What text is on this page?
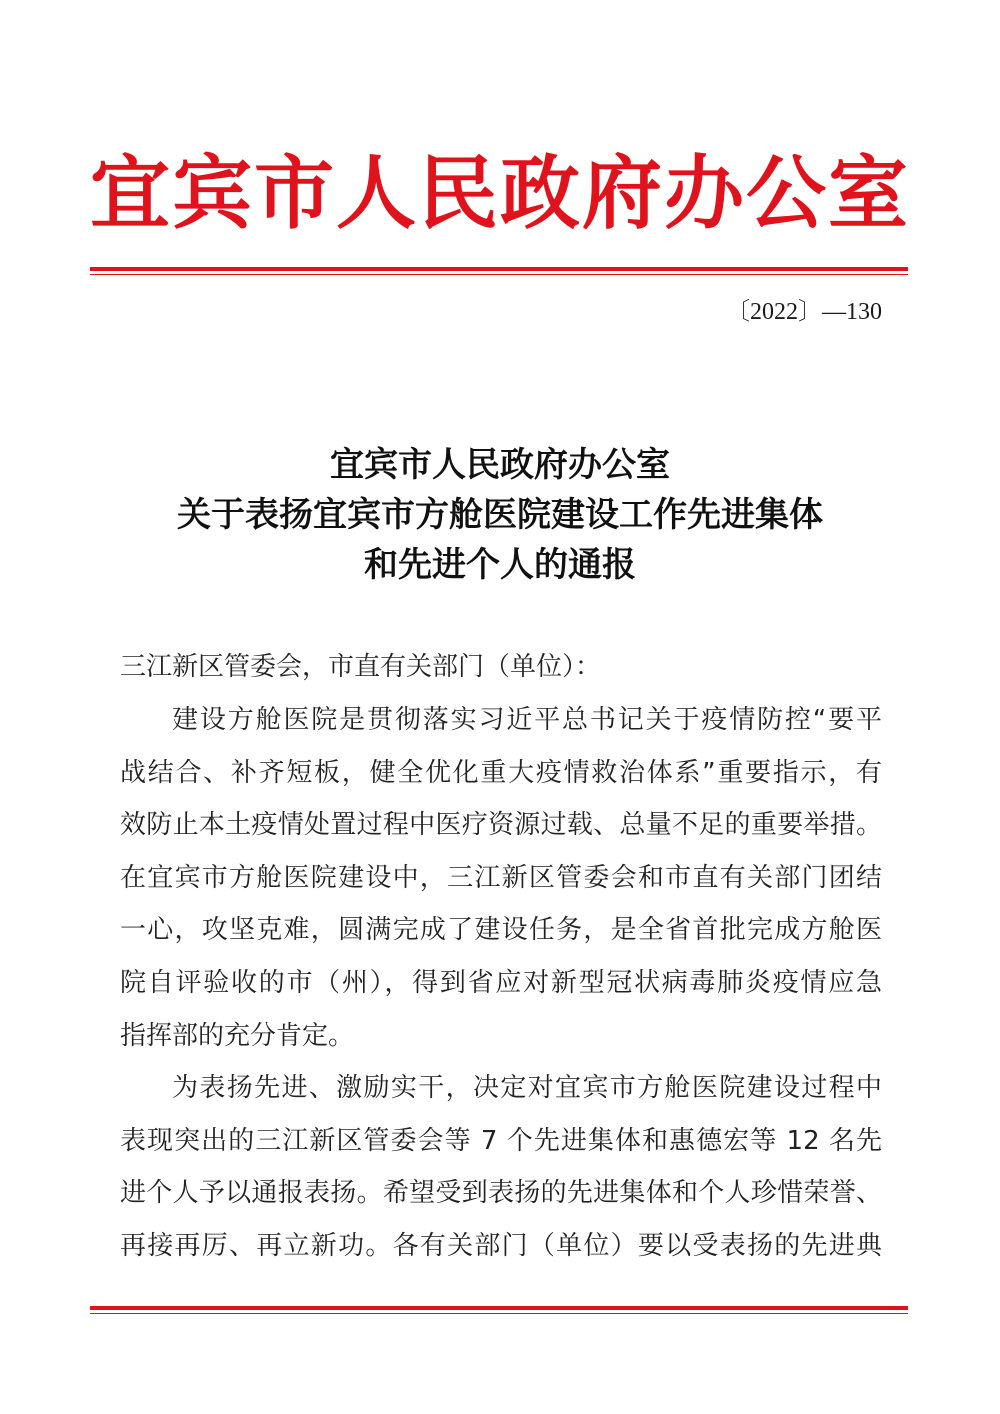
宜宾市人民政府办公室
〔2022〕—130
宜宾市人民政府办公室
关于表扬宜宾市方舱医院建设工作先进集体
和先进个人的通报
三江新区管委会，市直有关部门（单位）：
建设方舱医院是贯彻落实习近平总书记关于疫情防控“要平
战结合、补齐短板，健全优化重大疫情救治体系”重要指示，有
效防止本土疫情处置过程中医疗资源过载、总量不足的重要举措。
在宜宾市方舱医院建设中，三江新区管委会和市直有关部门团结
一心，攻坚克难，圆满完成了建设任务，是全省首批完成方舱医
院自评验收的市（州），得到省应对新型冠状病毒肺炎疫情应急
指挥部的充分肯定。
为表扬先进、激励实干，决定对宜宾市方舱医院建设过程中
表现突出的三江新区管委会等 7 个先进集体和惠德宏等 12 名先
进个人予以通报表扬。希望受到表扬的先进集体和个人珍惜荣誉、
再接再厉、再立新功。各有关部门（单位）要以受表扬的先进典
